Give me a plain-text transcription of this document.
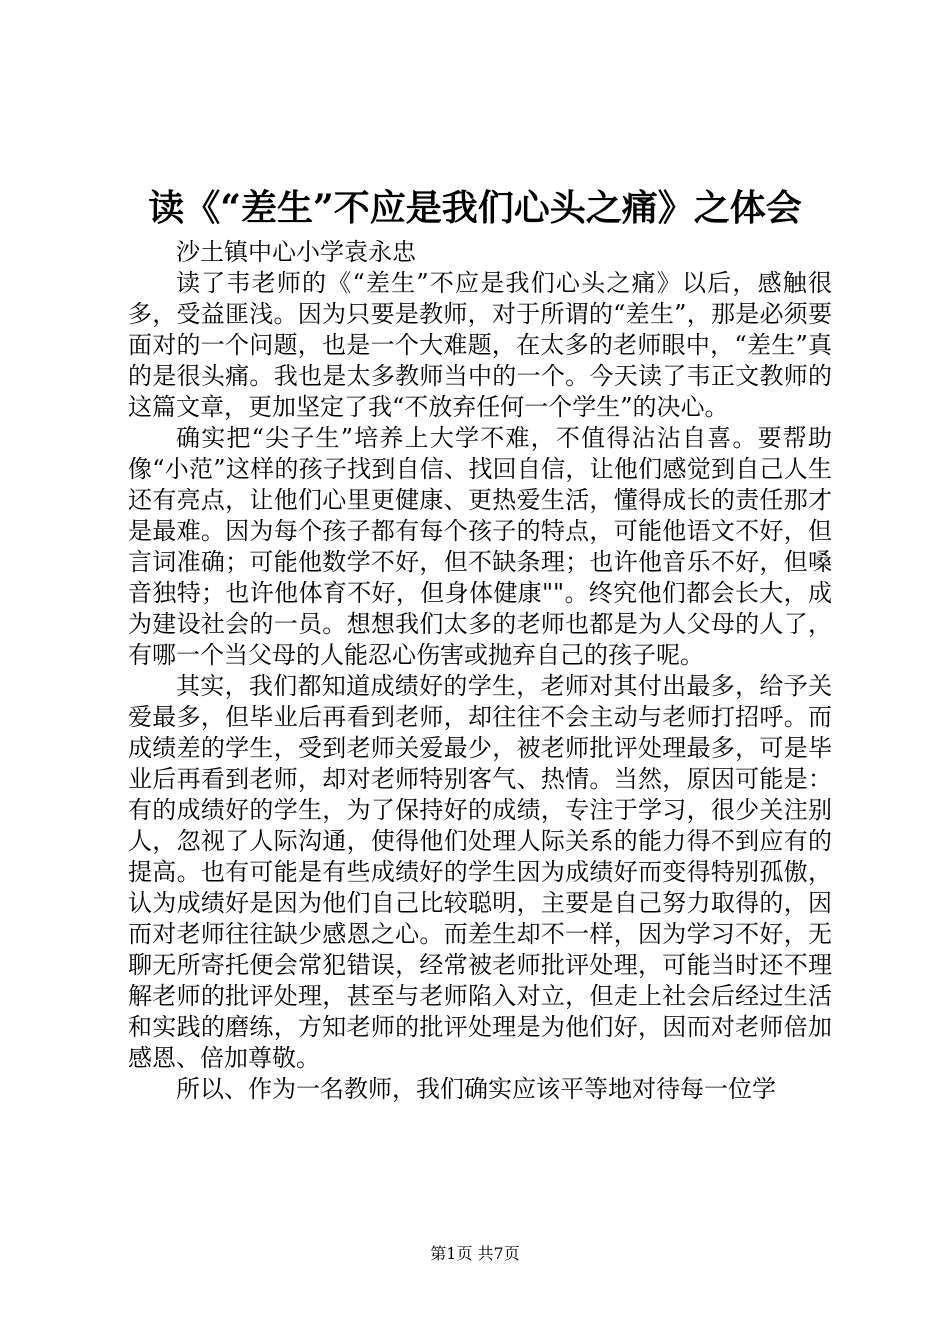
读《“差生”不应是我们心头之痛》之体会

沙土镇中心小学袁永忠

读了韦老师的《“差生”不应是我们心头之痛》以后，感触很多，受益匪浅。因为只要是教师，对于所谓的“差生”，那是必须要面对的一个问题，也是一个大难题，在太多的老师眼中，“差生”真的是很头痛。我也是太多教师当中的一个。今天读了韦正文教师的这篇文章，更加坚定了我“不放弃任何一个学生”的决心。

确实把“尖子生”培养上大学不难，不值得沾沾自喜。要帮助像“小范”这样的孩子找到自信、找回自信，让他们感觉到自己人生还有亮点，让他们心里更健康、更热爱生活，懂得成长的责任那才是最难。因为每个孩子都有每个孩子的特点，可能他语文不好，但言词准确；可能他数学不好，但不缺条理；也许他音乐不好，但嗓音独特；也许他体育不好，但身体健康""。终究他们都会长大，成为建设社会的一员。想想我们太多的老师也都是为人父母的人了，有哪一个当父母的人能忍心伤害或抛弃自己的孩子呢。

其实，我们都知道成绩好的学生，老师对其付出最多，给予关爱最多，但毕业后再看到老师，却往往不会主动与老师打招呼。而成绩差的学生，受到老师关爱最少，被老师批评处理最多，可是毕业后再看到老师，却对老师特别客气、热情。当然，原因可能是：有的成绩好的学生，为了保持好的成绩，专注于学习，很少关注别人，忽视了人际沟通，使得他们处理人际关系的能力得不到应有的提高。也有可能是有些成绩好的学生因为成绩好而变得特别孤傲，认为成绩好是因为他们自己比较聪明，主要是自己努力取得的，因而对老师往往缺少感恩之心。而差生却不一样，因为学习不好，无聊无所寄托便会常犯错误，经常被老师批评处理，可能当时还不理解老师的批评处理，甚至与老师陷入对立，但走上社会后经过生活和实践的磨练，方知老师的批评处理是为他们好，因而对老师倍加感恩、倍加尊敬。

所以、作为一名教师，我们确实应该平等地对待每一位学

第1页 共7页
